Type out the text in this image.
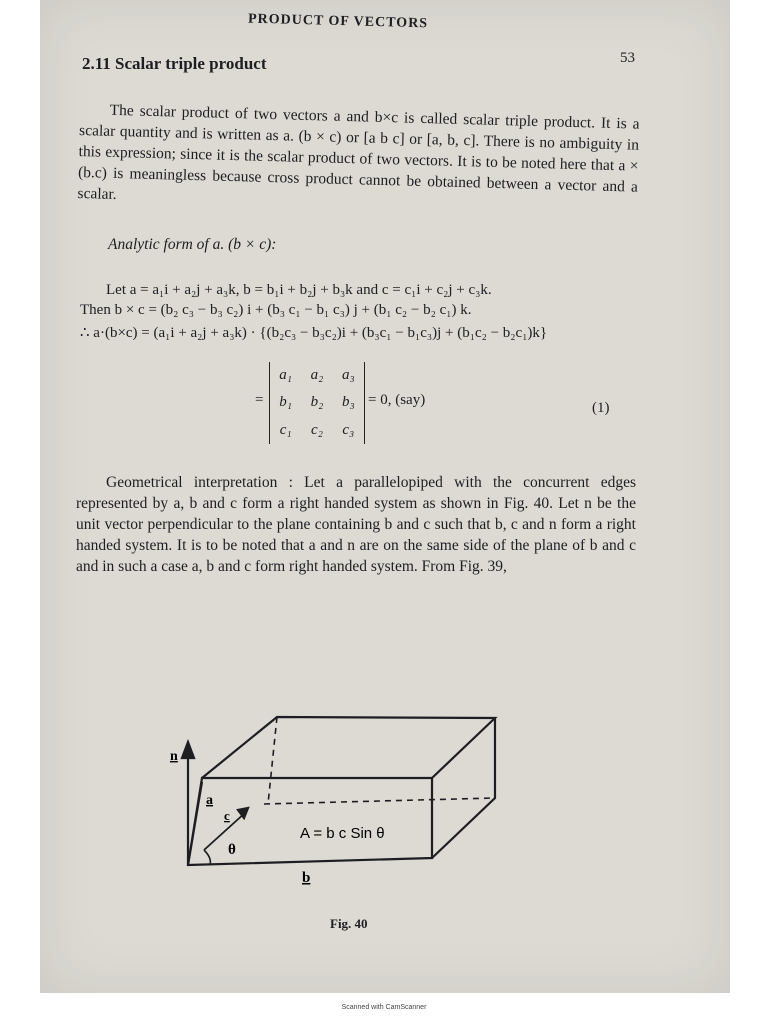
PRODUCT OF VECTORS
2.11 Scalar triple product	53
The scalar product of two vectors a and b×c is called scalar triple product. It is a scalar quantity and is written as a. (b × c) or [a b c] or [a, b, c]. There is no ambiguity in this expression; since it is the scalar product of two vectors. It is to be noted here that a × (b.c) is meaningless because cross product cannot be obtained between a vector and a scalar.
Analytic form of a. (b × c):
Let a = a₁i + a₂j + a₃k, b = b₁i + b₂j + b₃k and c = c₁i + c₂j + c₃k.
Then b × c = (b₂ c₃ − b₃ c₂) i + (b₃ c₁ − b₁ c₃) j + (b₁ c₂ − b₂ c₁) k.
∴ a·(b×c) = (a₁i + a₂j + a₃k) · {(b₂c₃ − b₃c₂)i + (b₃c₁ − b₁c₃)j + (b₁c₂ − b₂c₁)k}
=
a₁	a₂	a₃
b₁	b₂	b₃
c₁	c₂	c₃
= 0, (say)	(1)
Geometrical interpretation : Let a parallelopiped with the concurrent edges represented by a, b and c form a right handed system as shown in Fig. 40. Let n be the unit vector perpendicular to the plane containing b and c such that b, c and n form a right handed system. It is to be noted that a and n are on the same side of the plane of b and c and in such a case a, b and c form right handed system. From Fig. 39,
n
a
c
θ
A = b c Sin θ
b
Fig. 40
Scanned with CamScanner
